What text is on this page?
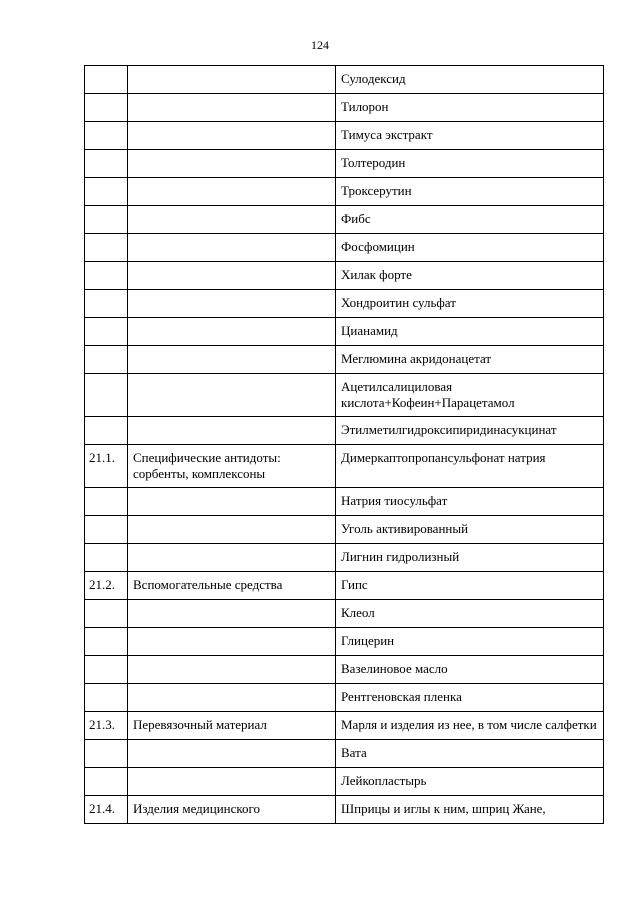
124
		Сулодексид
		Тилорон
		Тимуса экстракт
		Толтеродин
		Троксерутин
		Фибс
		Фосфомицин
		Хилак форте
		Хондроитин сульфат
		Цианамид
		Меглюмина акридонацетат
		Ацетилсалициловая кислота+Кофеин+Парацетамол
		Этилметилгидроксипиридинасукцинат
21.1.	Специфические антидоты: сорбенты, комплексоны	Димеркаптопропансульфонат натрия
		Натрия тиосульфат
		Уголь активированный
		Лигнин гидролизный
21.2.	Вспомогательные средства	Гипс
		Клеол
		Глицерин
		Вазелиновое масло
		Рентгеновская пленка
21.3.	Перевязочный материал	Марля и изделия из нее, в том числе салфетки
		Вата
		Лейкопластырь
21.4.	Изделия медицинского	Шприцы и иглы к ним, шприц Жане,
